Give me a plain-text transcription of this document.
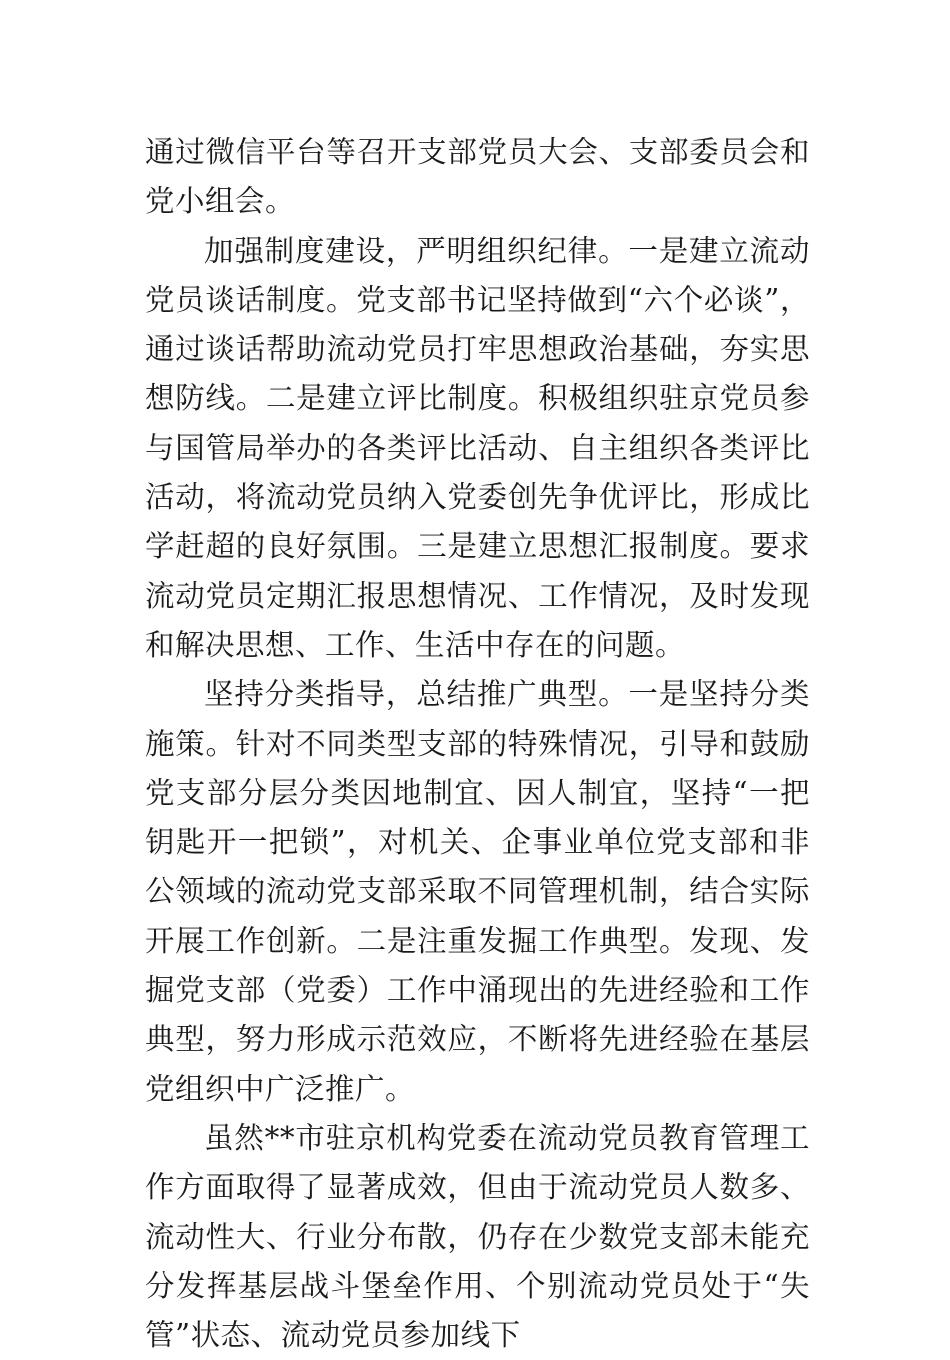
通过微信平台等召开支部党员大会、支部委员会和党小组会。

加强制度建设，严明组织纪律。一是建立流动党员谈话制度。党支部书记坚持做到“六个必谈”，通过谈话帮助流动党员打牢思想政治基础，夯实思想防线。二是建立评比制度。积极组织驻京党员参与国管局举办的各类评比活动、自主组织各类评比活动，将流动党员纳入党委创先争优评比，形成比学赶超的良好氛围。三是建立思想汇报制度。要求流动党员定期汇报思想情况、工作情况，及时发现和解决思想、工作、生活中存在的问题。

坚持分类指导，总结推广典型。一是坚持分类施策。针对不同类型支部的特殊情况，引导和鼓励党支部分层分类因地制宜、因人制宜，坚持“一把钥匙开一把锁”，对机关、企事业单位党支部和非公领域的流动党支部采取不同管理机制，结合实际开展工作创新。二是注重发掘工作典型。发现、发掘党支部（党委）工作中涌现出的先进经验和工作典型，努力形成示范效应，不断将先进经验在基层党组织中广泛推广。

虽然**市驻京机构党委在流动党员教育管理工作方面取得了显著成效，但由于流动党员人数多、流动性大、行业分布散，仍存在少数党支部未能充分发挥基层战斗堡垒作用、个别流动党员处于“失管”状态、流动党员参加线下
